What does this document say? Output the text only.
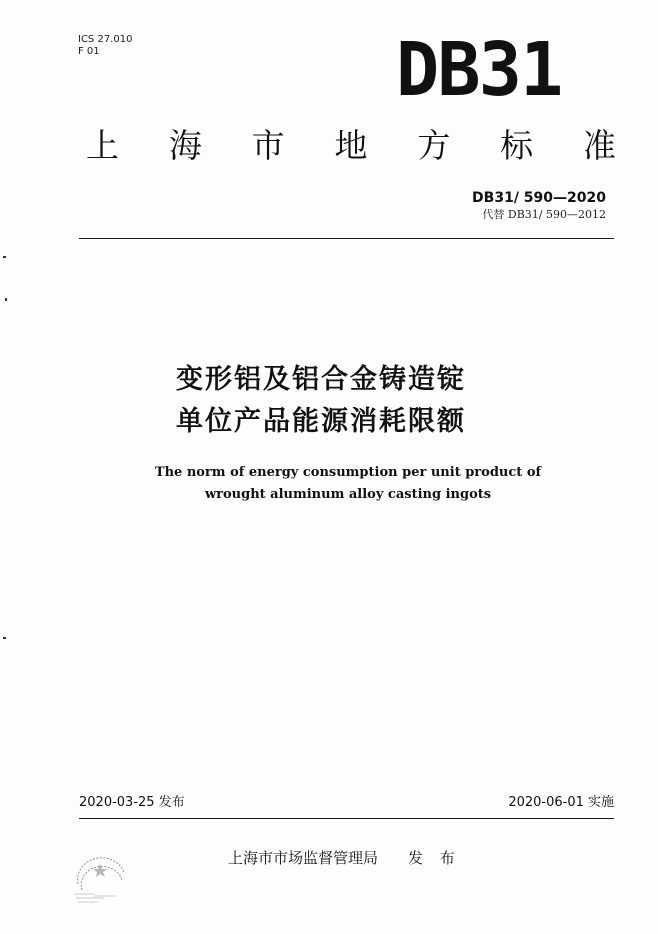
ICS 27.010
F 01	DB31
上 海 市 地 方 标 准
DB31/ 590—2020
代替 DB31/ 590—2012
变形铝及铝合金铸造锭
单位产品能源消耗限额
The norm of energy consumption per unit product of
wrought aluminum alloy casting ingots
2020-03-25 发布	2020-06-01 实施
上海市市场监督管理局 发 布
